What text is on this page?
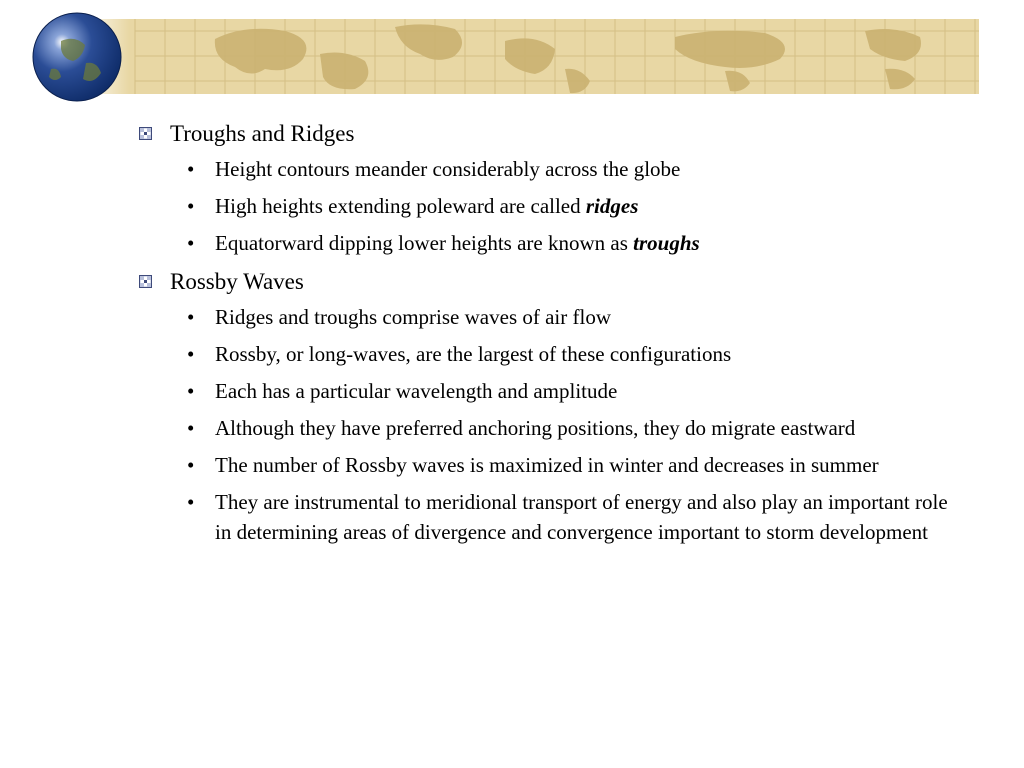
Troughs and Ridges
• Height contours meander considerably across the globe
• High heights extending poleward are called ridges
• Equatorward dipping lower heights are known as troughs
Rossby Waves
• Ridges and troughs comprise waves of air flow
• Rossby, or long-waves, are the largest of these configurations
• Each has a particular wavelength and amplitude
• Although they have preferred anchoring positions, they do migrate eastward
• The number of Rossby waves is maximized in winter and decreases in summer
• They are instrumental to meridional transport of energy and also play an important role in determining areas of divergence and convergence important to storm development
